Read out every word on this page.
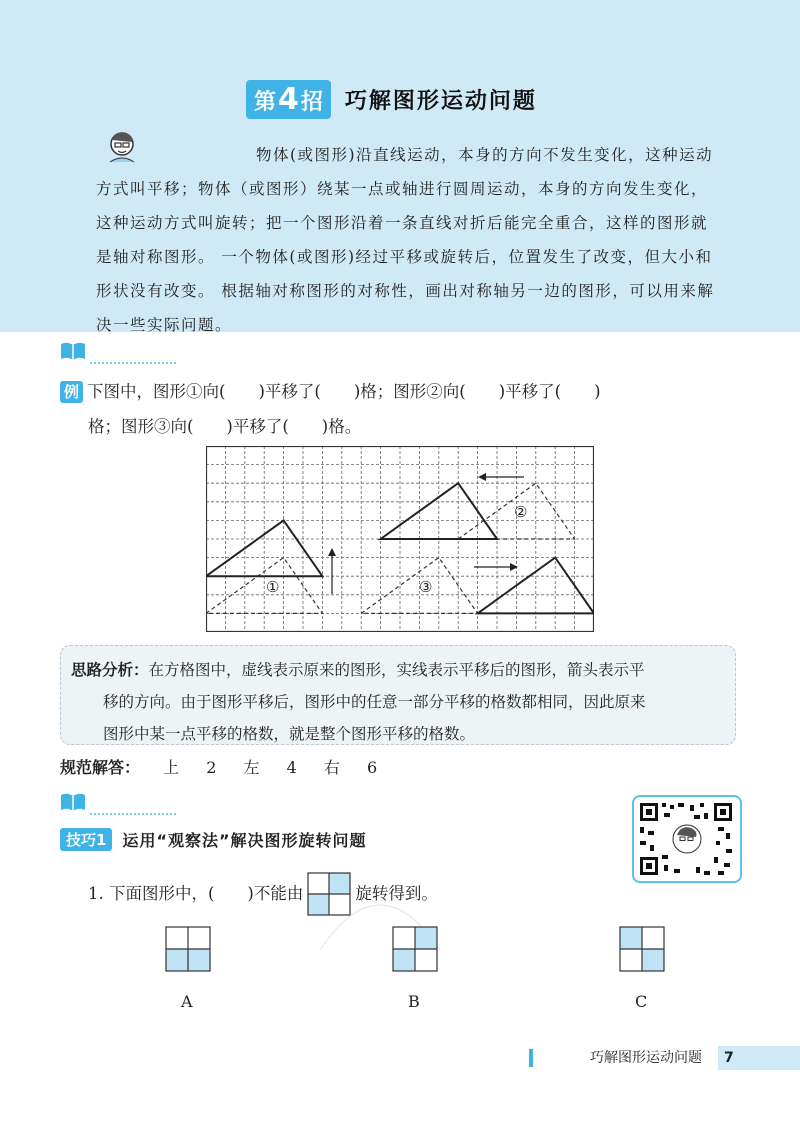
第 4 招 巧解图形运动问题

物体(或图形)沿直线运动，本身的方向不发生变化，这种运动方式叫平移；物体（或图形）绕某一点或轴进行圆周运动，本身的方向发生变化，这种运动方式叫旋转；把一个图形沿着一条直线对折后能完全重合，这样的图形就是轴对称图形。 一个物体(或图形)经过平移或旋转后，位置发生了改变，但大小和形状没有改变。 根据轴对称图形的对称性，画出对称轴另一边的图形，可以用来解决一些实际问题。

例 下图中，图形①向(　　)平移了(　　)格；图形②向(　　)平移了(　　)
格；图形③向(　　)平移了(　　)格。
①
②
③
思路分析：在方格图中，虚线表示原来的图形，实线表示平移后的图形，箭头表示平
移的方向。由于图形平移后，图形中的任意一部分平移的格数都相同，因此原来
图形中某一点平移的格数，就是整个图形平移的格数。
规范解答： 上 2 左 4 右 6
技巧1	运用“观察法”解决图形旋转问题
1. 下面图形中，(　　)不能由	旋转得到。
A	B	C
巧解图形运动问题	7
